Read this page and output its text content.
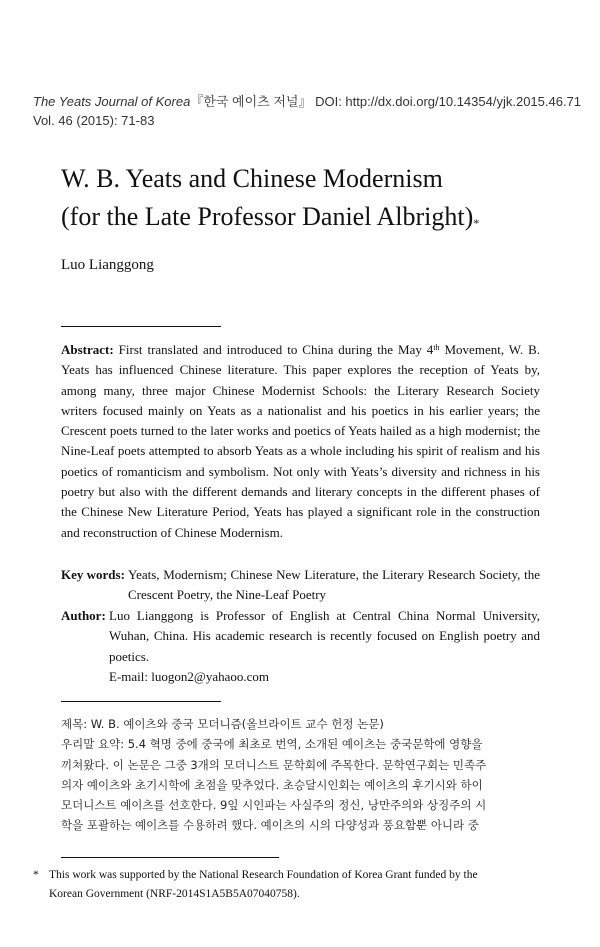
The Yeats Journal of Korea『한국 예이츠 저널』 DOI: http://dx.doi.org/10.14354/yjk.2015.46.71
Vol. 46 (2015): 71-83
W. B. Yeats and Chinese Modernism
(for the Late Professor Daniel Albright)*
Luo Lianggong
Abstract: First translated and introduced to China during the May 4th Movement, W. B. Yeats has influenced Chinese literature. This paper explores the reception of Yeats by, among many, three major Chinese Modernist Schools: the Literary Research Society writers focused mainly on Yeats as a nationalist and his poetics in his earlier years; the Crescent poets turned to the later works and poetics of Yeats hailed as a high modernist; the Nine-Leaf poets attempted to absorb Yeats as a whole including his spirit of realism and his poetics of romanticism and symbolism. Not only with Yeats’s diversity and richness in his poetry but also with the different demands and literary concepts in the different phases of the Chinese New Literature Period, Yeats has played a significant role in the construction and reconstruction of Chinese Modernism.
Key words: Yeats, Modernism; Chinese New Literature, the Literary Research Society, the Crescent Poetry, the Nine-Leaf Poetry
Author: Luo Lianggong is Professor of English at Central China Normal University, Wuhan, China. His academic research is recently focused on English poetry and poetics.
E-mail: luogon2@yahaoo.com
제목: W. B. 예이츠와 중국 모더니즘(올브라이트 교수 헌정 논문)
우리말 요약: 5.4 혁명 중에 중국에 최초로 번역, 소개된 예이츠는 중국문학에 영향을
끼쳐왔다. 이 논문은 그중 3개의 모더니스트 문학회에 주목한다. 문학연구회는 민족주
의자 예이츠와 초기시학에 초점을 맞추었다. 초승달시인회는 예이츠의 후기시와 하이
모더니스트 예이츠를 선호한다. 9잎 시인파는 사실주의 정신, 낭만주의와 상징주의 시
학을 포괄하는 예이츠를 수용하려 했다. 예이츠의 시의 다양성과 풍요함뿐 아니라 중
* This work was supported by the National Research Foundation of Korea Grant funded by the
Korean Government (NRF-2014S1A5B5A07040758).
